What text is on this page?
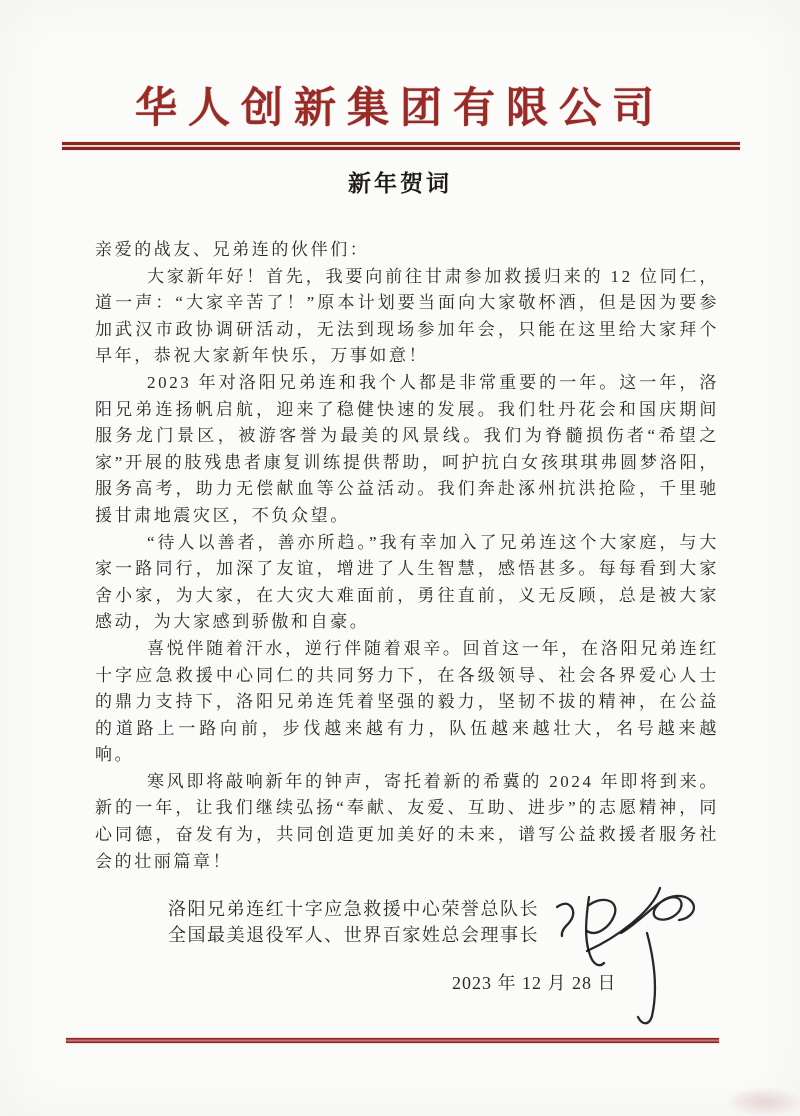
华人创新集团有限公司
新年贺词

亲爱的战友、兄弟连的伙伴们：

大家新年好！首先，我要向前往甘肃参加救援归来的 12 位同仁，道一声：“大家辛苦了！”原本计划要当面向大家敬杯酒，但是因为要参加武汉市政协调研活动，无法到现场参加年会，只能在这里给大家拜个早年，恭祝大家新年快乐，万事如意！

2023 年对洛阳兄弟连和我个人都是非常重要的一年。这一年，洛阳兄弟连扬帆启航，迎来了稳健快速的发展。我们牡丹花会和国庆期间服务龙门景区，被游客誉为最美的风景线。我们为脊髓损伤者“希望之家”开展的肢残患者康复训练提供帮助，呵护抗白女孩琪琪弗圆梦洛阳，服务高考，助力无偿献血等公益活动。我们奔赴涿州抗洪抢险，千里驰援甘肃地震灾区，不负众望。

“待人以善者，善亦所趋。”我有幸加入了兄弟连这个大家庭，与大家一路同行，加深了友谊，增进了人生智慧，感悟甚多。每每看到大家舍小家，为大家，在大灾大难面前，勇往直前，义无反顾，总是被大家感动，为大家感到骄傲和自豪。

喜悦伴随着汗水，逆行伴随着艰辛。回首这一年，在洛阳兄弟连红十字应急救援中心同仁的共同努力下，在各级领导、社会各界爱心人士的鼎力支持下，洛阳兄弟连凭着坚强的毅力，坚韧不拔的精神，在公益的道路上一路向前，步伐越来越有力，队伍越来越壮大，名号越来越响。

寒风即将敲响新年的钟声，寄托着新的希冀的 2024 年即将到来。新的一年，让我们继续弘扬“奉献、友爱、互助、进步”的志愿精神，同心同德，奋发有为，共同创造更加美好的未来，谱写公益救援者服务社会的壮丽篇章！

洛阳兄弟连红十字应急救援中心荣誉总队长
全国最美退役军人、世界百家姓总会理事长
2023 年 12 月 28 日
